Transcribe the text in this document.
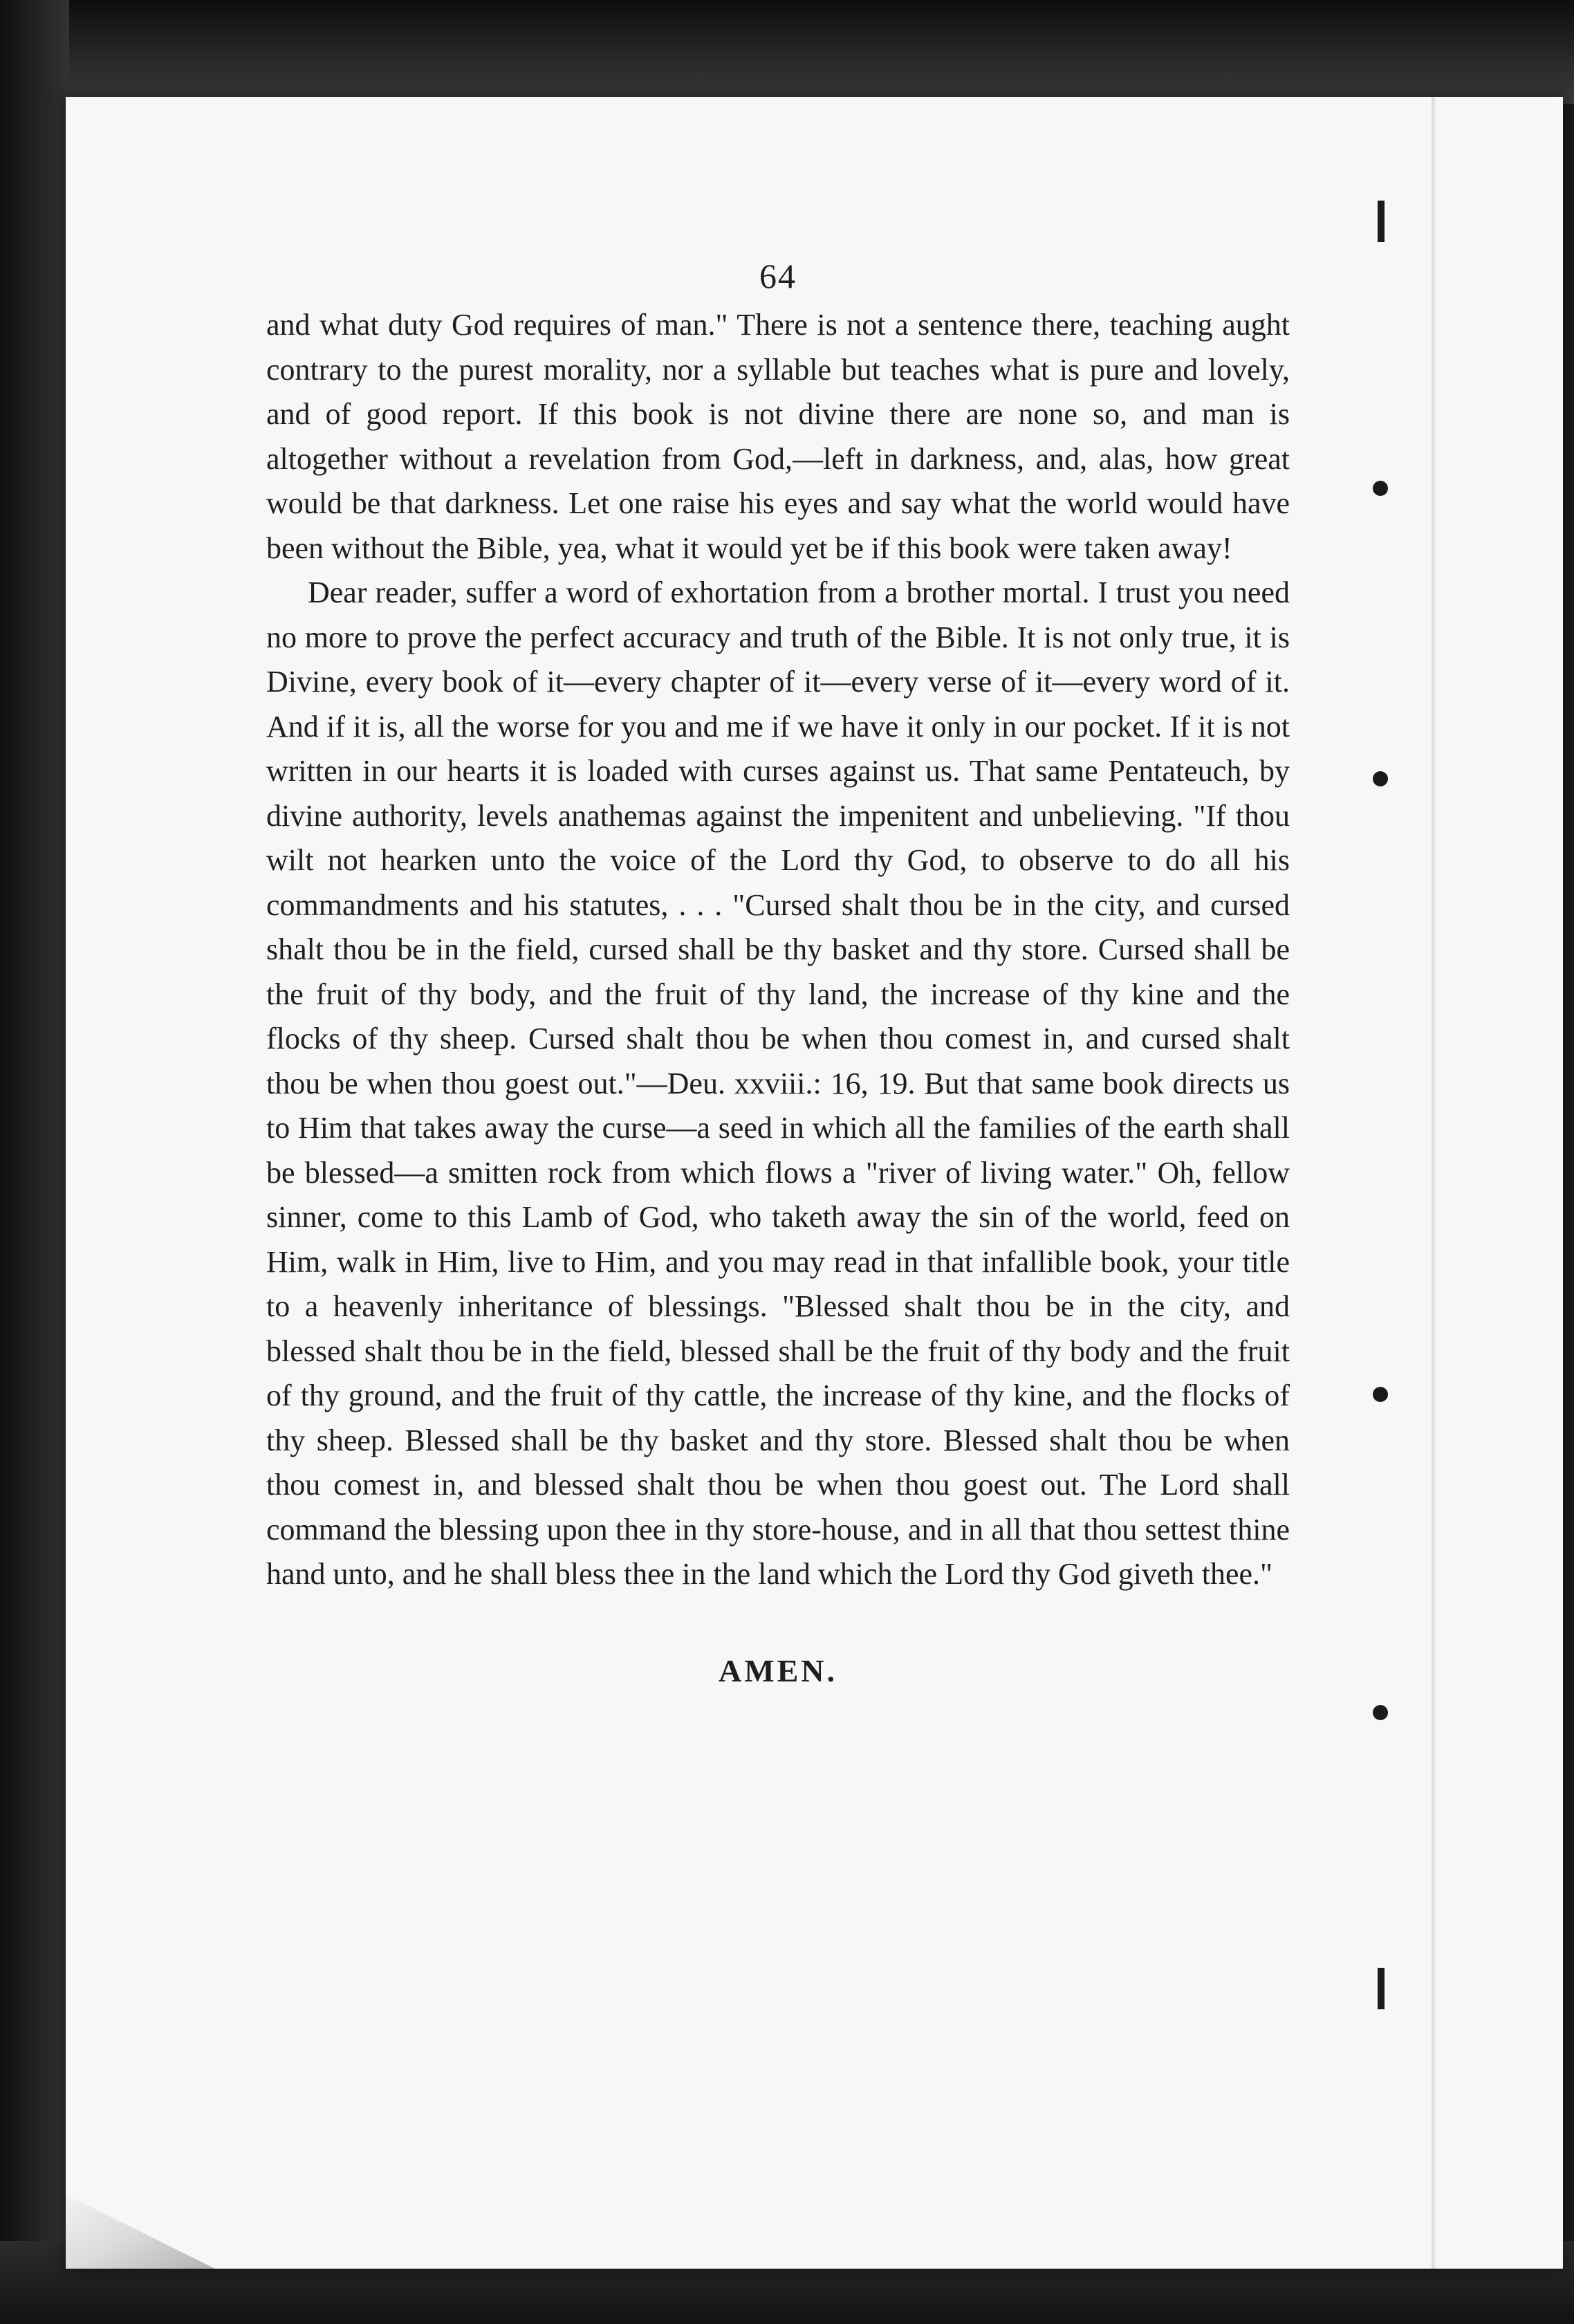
64

and what duty God requires of man." There is not a sentence there, teaching aught contrary to the purest morality, nor a syllable but teaches what is pure and lovely, and of good report. If this book is not divine there are none so, and man is altogether without a revelation from God,—left in darkness, and, alas, how great would be that darkness. Let one raise his eyes and say what the world would have been without the Bible, yea, what it would yet be if this book were taken away!

Dear reader, suffer a word of exhortation from a brother mortal. I trust you need no more to prove the perfect accuracy and truth of the Bible. It is not only true, it is Divine, every book of it—every chapter of it—every verse of it—every word of it. And if it is, all the worse for you and me if we have it only in our pocket. If it is not written in our hearts it is loaded with curses against us. That same Pentateuch, by divine authority, levels anathemas against the impenitent and unbelieving. "If thou wilt not hearken unto the voice of the Lord thy God, to observe to do all his commandments and his statutes, . . . "Cursed shalt thou be in the city, and cursed shalt thou be in the field, cursed shall be thy basket and thy store. Cursed shall be the fruit of thy body, and the fruit of thy land, the increase of thy kine and the flocks of thy sheep. Cursed shalt thou be when thou comest in, and cursed shalt thou be when thou goest out."—Deu. xxviii.: 16, 19. But that same book directs us to Him that takes away the curse—a seed in which all the families of the earth shall be blessed—a smitten rock from which flows a "river of living water." Oh, fellow sinner, come to this Lamb of God, who taketh away the sin of the world, feed on Him, walk in Him, live to Him, and you may read in that infallible book, your title to a heavenly inheritance of blessings. "Blessed shalt thou be in the city, and blessed shalt thou be in the field, blessed shall be the fruit of thy body and the fruit of thy ground, and the fruit of thy cattle, the increase of thy kine, and the flocks of thy sheep. Blessed shall be thy basket and thy store. Blessed shalt thou be when thou comest in, and blessed shalt thou be when thou goest out. The Lord shall command the blessing upon thee in thy store-house, and in all that thou settest thine hand unto, and he shall bless thee in the land which the Lord thy God giveth thee."

AMEN.
